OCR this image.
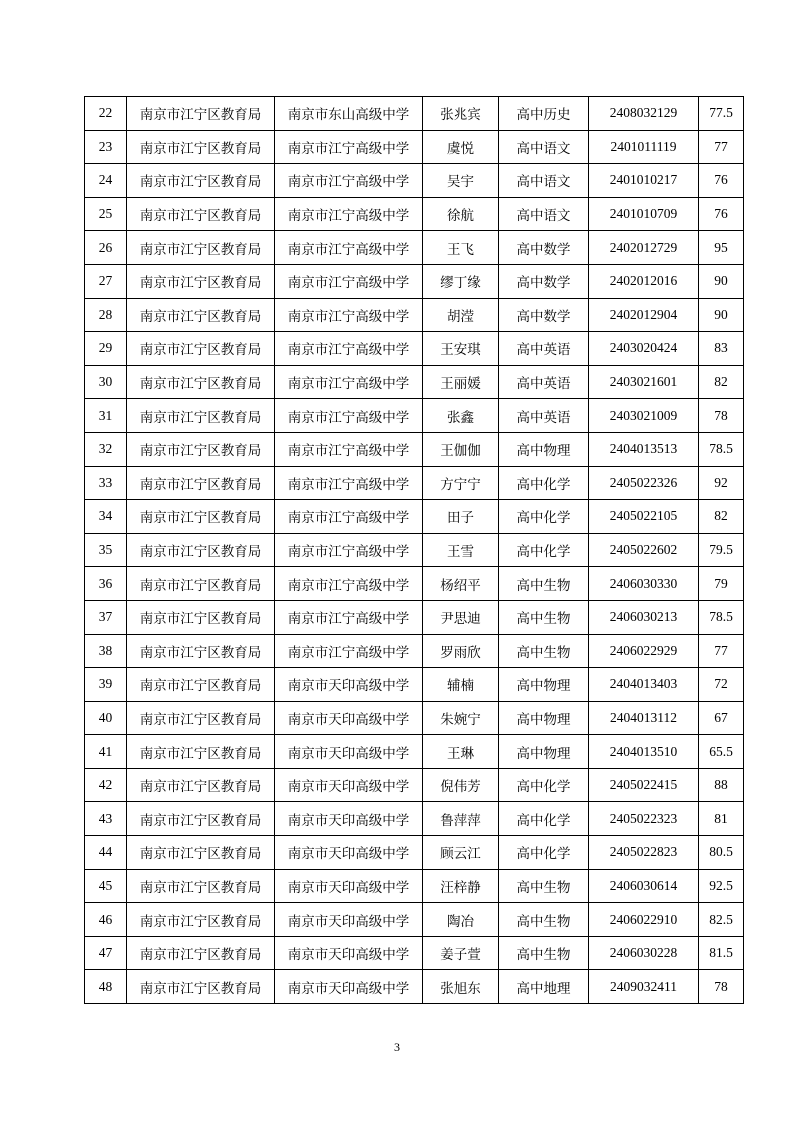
22	南京市江宁区教育局	南京市东山高级中学	张兆宾	高中历史	2408032129	77.5
23	南京市江宁区教育局	南京市江宁高级中学	虞悦	高中语文	2401011119	77
24	南京市江宁区教育局	南京市江宁高级中学	吴宇	高中语文	2401010217	76
25	南京市江宁区教育局	南京市江宁高级中学	徐航	高中语文	2401010709	76
26	南京市江宁区教育局	南京市江宁高级中学	王飞	高中数学	2402012729	95
27	南京市江宁区教育局	南京市江宁高级中学	缪丁缘	高中数学	2402012016	90
28	南京市江宁区教育局	南京市江宁高级中学	胡滢	高中数学	2402012904	90
29	南京市江宁区教育局	南京市江宁高级中学	王安琪	高中英语	2403020424	83
30	南京市江宁区教育局	南京市江宁高级中学	王丽媛	高中英语	2403021601	82
31	南京市江宁区教育局	南京市江宁高级中学	张鑫	高中英语	2403021009	78
32	南京市江宁区教育局	南京市江宁高级中学	王伽伽	高中物理	2404013513	78.5
33	南京市江宁区教育局	南京市江宁高级中学	方宁宁	高中化学	2405022326	92
34	南京市江宁区教育局	南京市江宁高级中学	田子	高中化学	2405022105	82
35	南京市江宁区教育局	南京市江宁高级中学	王雪	高中化学	2405022602	79.5
36	南京市江宁区教育局	南京市江宁高级中学	杨绍平	高中生物	2406030330	79
37	南京市江宁区教育局	南京市江宁高级中学	尹思迪	高中生物	2406030213	78.5
38	南京市江宁区教育局	南京市江宁高级中学	罗雨欣	高中生物	2406022929	77
39	南京市江宁区教育局	南京市天印高级中学	辅楠	高中物理	2404013403	72
40	南京市江宁区教育局	南京市天印高级中学	朱婉宁	高中物理	2404013112	67
41	南京市江宁区教育局	南京市天印高级中学	王琳	高中物理	2404013510	65.5
42	南京市江宁区教育局	南京市天印高级中学	倪伟芳	高中化学	2405022415	88
43	南京市江宁区教育局	南京市天印高级中学	鲁萍萍	高中化学	2405022323	81
44	南京市江宁区教育局	南京市天印高级中学	顾云江	高中化学	2405022823	80.5
45	南京市江宁区教育局	南京市天印高级中学	汪梓静	高中生物	2406030614	92.5
46	南京市江宁区教育局	南京市天印高级中学	陶冶	高中生物	2406022910	82.5
47	南京市江宁区教育局	南京市天印高级中学	姜子萱	高中生物	2406030228	81.5
48	南京市江宁区教育局	南京市天印高级中学	张旭东	高中地理	2409032411	78
3
